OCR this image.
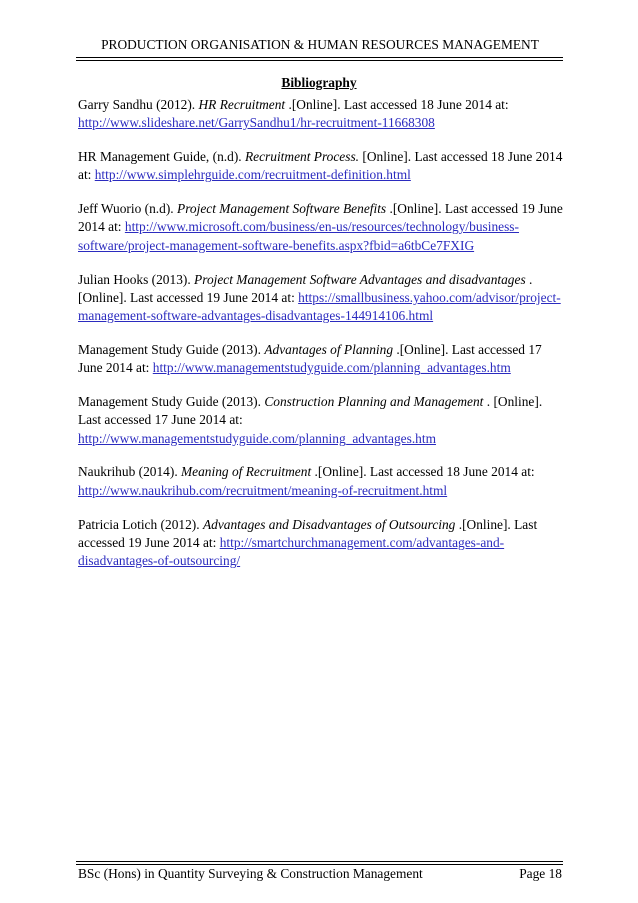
PRODUCTION ORGANISATION & HUMAN RESOURCES MANAGEMENT
Bibliography

Garry Sandhu (2012). HR Recruitment .[Online]. Last accessed 18 June 2014 at: http://www.slideshare.net/GarrySandhu1/hr-recruitment-11668308

HR Management Guide, (n.d). Recruitment Process. [Online]. Last accessed 18 June 2014 at: http://www.simplehrguide.com/recruitment-definition.html

Jeff Wuorio (n.d). Project Management Software Benefits .[Online]. Last accessed 19 June 2014 at: http://www.microsoft.com/business/en-us/resources/technology/business-software/project-management-software-benefits.aspx?fbid=a6tbCe7FXIG

Julian Hooks (2013). Project Management Software Advantages and disadvantages .[Online]. Last accessed 19 June 2014 at: https://smallbusiness.yahoo.com/advisor/project-management-software-advantages-disadvantages-144914106.html

Management Study Guide (2013). Advantages of Planning .[Online]. Last accessed 17 June 2014 at: http://www.managementstudyguide.com/planning_advantages.htm

Management Study Guide (2013). Construction Planning and Management . [Online]. Last accessed 17 June 2014 at: http://www.managementstudyguide.com/planning_advantages.htm

Naukrihub (2014). Meaning of Recruitment .[Online]. Last accessed 18 June 2014 at: http://www.naukrihub.com/recruitment/meaning-of-recruitment.html

Patricia Lotich (2012). Advantages and Disadvantages of Outsourcing .[Online]. Last accessed 19 June 2014 at: http://smartchurchmanagement.com/advantages-and-disadvantages-of-outsourcing/

BSc (Hons) in Quantity Surveying & Construction Management	Page 18
